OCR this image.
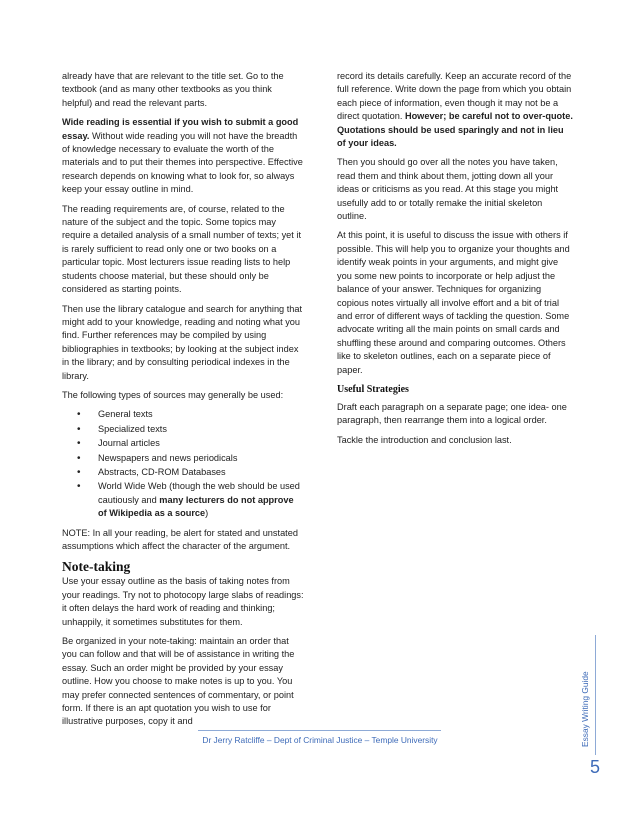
already have that are relevant to the title set. Go to the textbook (and as many other textbooks as you think helpful) and read the relevant parts.

Wide reading is essential if you wish to submit a good essay. Without wide reading you will not have the breadth of knowledge necessary to evaluate the worth of the materials and to put their themes into perspective. Effective research depends on knowing what to look for, so always keep your essay outline in mind.

The reading requirements are, of course, related to the nature of the subject and the topic. Some topics may require a detailed analysis of a small number of texts; yet it is rarely sufficient to read only one or two books on a particular topic. Most lecturers issue reading lists to help students choose material, but these should only be considered as starting points.

Then use the library catalogue and search for anything that might add to your knowledge, reading and noting what you find. Further references may be compiled by using bibliographies in textbooks; by looking at the subject index in the library; and by consulting periodical indexes in the library.

The following types of sources may generally be used:

• General texts
• Specialized texts
• Journal articles
• Newspapers and news periodicals
• Abstracts, CD-ROM Databases
• World Wide Web (though the web should be used cautiously and many lecturers do not approve of Wikipedia as a source)

NOTE: In all your reading, be alert for stated and unstated assumptions which affect the character of the argument.

Note-taking

Use your essay outline as the basis of taking notes from your readings. Try not to photocopy large slabs of readings: it often delays the hard work of reading and thinking; unhappily, it sometimes substitutes for them.

Be organized in your note-taking: maintain an order that you can follow and that will be of assistance in writing the essay. Such an order might be provided by your essay outline. How you choose to make notes is up to you. You may prefer connected sentences of commentary, or point form. If there is an apt quotation you wish to use for illustrative purposes, copy it and

record its details carefully. Keep an accurate record of the full reference. Write down the page from which you obtain each piece of information, even though it may not be a direct quotation. However; be careful not to over-quote. Quotations should be used sparingly and not in lieu of your ideas.

Then you should go over all the notes you have taken, read them and think about them, jotting down all your ideas or criticisms as you read. At this stage you might usefully add to or totally remake the initial skeleton outline.

At this point, it is useful to discuss the issue with others if possible. This will help you to organize your thoughts and identify weak points in your arguments, and might give you some new points to incorporate or help adjust the balance of your answer. Techniques for organizing copious notes virtually all involve effort and a bit of trial and error of different ways of tackling the question. Some advocate writing all the main points on small cards and shuffling these around and comparing outcomes. Others like to skeleton outlines, each on a separate piece of paper.

Useful Strategies

Draft each paragraph on a separate page; one idea- one paragraph, then rearrange them into a logical order.

Tackle the introduction and conclusion last.

Dr Jerry Ratcliffe – Dept of Criminal Justice – Temple University	Essay Writing Guide
5
